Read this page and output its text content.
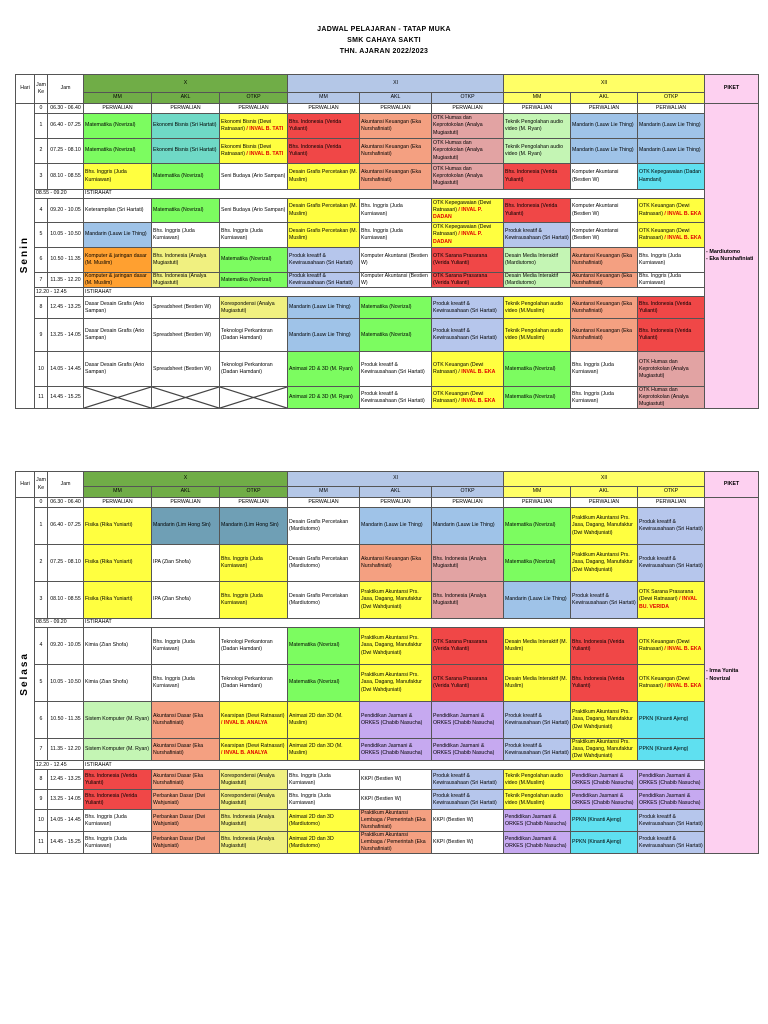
JADWAL PELAJARAN - TATAP MUKA
SMK CAHAYA SAKTI
THN. AJARAN 2022/2023
Hari	Jam Ke	Jam	X			XI			XII			PIKET
			MM	AKL	OTKP	MM	AKL	OTKP	MM	AKL	OTKP	
Senin	0	06.30 - 06.40	PERWALIAN	PERWALIAN	PERWALIAN	PERWALIAN	PERWALIAN	PERWALIAN	PERWALIAN	PERWALIAN	PERWALIAN	- Mardiutomo
- Eka Nurshafiniati

	1	06.40 - 07.25	Matematika (Novrizal)	Ekonomi Bisnis (Sri Hartati)	Ekonomi Bisnis (Dewi Ratnasari) / INVAL B. TATI	Bhs. Indonesia (Verida Yulianti)	Akuntansi Keuangan (Eka Nurshafiniati)	OTK Humas dan Keprotokolan (Analya Mugiastuti)	Teknik Pengolahan audio video (M. Ryan)	Mandarin (Lauw Lie Thing)	Mandarin (Lauw Lie Thing)	
	2	07.25 - 08.10	Matematika (Novrizal)	Ekonomi Bisnis (Sri Hartati)	Ekonomi Bisnis (Dewi Ratnasari) / INVAL B. TATI	Bhs. Indonesia (Verida Yulianti)	Akuntansi Keuangan (Eka Nurshafiniati)	OTK Humas dan Keprotokolan (Analya Mugiastuti)	Teknik Pengolahan audio video (M. Ryan)	Mandarin (Lauw Lie Thing)	Mandarin (Lauw Lie Thing)	
	3	08.10 - 08.55	Bhs. Inggris (Juda Kurniawan)	Matematika (Novrizal)	Seni Budaya (Ario Sampan)	Desain Grafis Percetakan (M. Muslim)	Akuntansi Keuangan (Eka Nurshafiniati)	OTK Humas dan Keprotokolan (Analya Mugiastuti)	Bhs. Indonesia (Verida Yulianti)	Komputer Akuntansi (Bestien W)	OTK Kepegawaian (Dadan Hamdani)	
	08.55 - 09.20		ISTIRAHAT									
	4	09.20 - 10.05	Keterampilan (Sri Hartati)	Matematika (Novrizal)	Seni Budaya (Ario Sampan)	Desain Grafis Percetakan (M. Muslim)	Bhs. Inggris (Juda Kurniawan)	OTK Kepegawaian (Dewi Ratnasari) / INVAL P. DADAN	Bhs. Indonesia (Verida Yulianti)	Komputer Akuntansi (Bestien W)	OTK Keuangan (Dewi Ratnasari) / INVAL B. EKA	
	5	10.05 - 10.50	Mandarin (Lauw Lie Thing)	Bhs. Inggris (Juda Kurniawan)	Bhs. Inggris (Juda Kurniawan)	Desain Grafis Percetakan (M. Muslim)	Bhs. Inggris (Juda Kurniawan)	OTK Kepegawaian (Dewi Ratnasari) / INVAL P. DADAN	Produk kreatif & Kewirausahaan (Sri Hartati)	Komputer Akuntansi (Bestien W)	OTK Keuangan (Dewi Ratnasari) / INVAL B. EKA	
	6	10.50 - 11.35	Komputer & jaringan dasar (M. Muslim)	Bhs. Indonesia (Analya Mugiastuti)	Matematika (Novrizal)	Produk kreatif & Kewirausahaan (Sri Hartati)	Komputer Akuntansi (Bestien W)	OTK Sarana Prasarana (Verida Yulianti)	Desain Media Interaktif (Mardiutomo)	Akuntansi Keuangan (Eka Nurshafiniati)	Bhs. Inggris (Juda Kurniawan)	
	7	11.35 - 12.20	Komputer & jaringan dasar (M. Muslim)	Bhs. Indonesia (Analya Mugiastuti)	Matematika (Novrizal)	Produk kreatif & Kewirausahaan (Sri Hartati)	Komputer Akuntansi (Bestien W)	OTK Sarana Prasarana (Verida Yulianti)	Desain Media Interaktif (Mardiutomo)	Akuntansi Keuangan (Eka Nurshafiniati)	Bhs. Inggris (Juda Kurniawan)	
	12.20 - 12.45		ISTIRAHAT									
	8	12.45 - 13.25	Dasar Desain Grafis (Ario Sampan)	Spreadsheet (Bestien W)	Korespondensi (Analya Mugiastuti)	Mandarin (Lauw Lie Thing)	Matematika (Novrizal)	Produk kreatif & Kewirausahaan (Sri Hartati)	Teknik Pengolahan audio video (M.Muslim)	Akuntansi Keuangan (Eka Nurshafiniati)	Bhs. Indonesia (Verida Yulianti)	
	9	13.25 - 14.05	Dasar Desain Grafis (Ario Sampan)	Spreadsheet (Bestien W)	Teknologi Perkantoran (Dadan Hamdani)	Mandarin (Lauw Lie Thing)	Matematika (Novrizal)	Produk kreatif & Kewirausahaan (Sri Hartati)	Teknik Pengolahan audio video (M.Muslim)	Akuntansi Keuangan (Eka Nurshafiniati)	Bhs. Indonesia (Verida Yulianti)	
	10	14.05 - 14.45	Dasar Desain Grafis (Ario Sampan)	Spreadsheet (Bestien W)	Teknologi Perkantoran (Dadan Hamdani)	Animasi 2D & 3D (M. Ryan)	Produk kreatif & Kewirausahaan (Sri Hartati)	OTK Keuangan (Dewi Ratnasari) / INVAL B. EKA	Matematika (Novrizal)	Bhs. Inggris (Juda Kurniawan)	OTK Humas dan Keprotokolan (Analya Mugiastuti)	
	11	14.45 - 15.25				Animasi 2D & 3D (M. Ryan)	Produk kreatif & Kewirausahaan (Sri Hartati)	OTK Keuangan (Dewi Ratnasari) / INVAL B. EKA	Matematika (Novrizal)	Bhs. Inggris (Juda Kurniawan)	OTK Humas dan Keprotokolan (Analya Mugiastuti)	
Hari	Jam Ke	Jam	X			XI			XII			PIKET
			MM	AKL	OTKP	MM	AKL	OTKP	MM	AKL	OTKP	
Selasa	0	06.30 - 06.40	PERWALIAN	PERWALIAN	PERWALIAN	PERWALIAN	PERWALIAN	PERWALIAN	PERWALIAN	PERWALIAN	PERWALIAN	- Irma Yunita
- Novrizal

	1	06.40 - 07.25	Fisika (Rika Yuniarti)	Mandarin (Lim Hong Sin)	Mandarin (Lim Hong Sin)	Desain Grafis Percetakan (Mardiutomo)	Mandarin (Lauw Lie Thing)	Mandarin (Lauw Lie Thing)	Matematika (Novrizal)	Praktikum Akuntansi Prs. Jasa, Dagang, Manufaktur (Dwi Wahdjuniati)	Produk kreatif & Kewirausahaan (Sri Hartati)	
	2	07.25 - 08.10	Fisika (Rika Yuniarti)	IPA (Zian Shofa)	Bhs. Inggris (Juda Kurniawan)	Desain Grafis Percetakan (Mardiutomo)	Akuntansi Keuangan (Eka Nurshafiniati)	Bhs. Indonesia (Analya Mugiastuti)	Matematika (Novrizal)	Praktikum Akuntansi Prs. Jasa, Dagang, Manufaktur (Dwi Wahdjuniati)	Produk kreatif & Kewirausahaan (Sri Hartati)	
	3	08.10 - 08.55	Fisika (Rika Yuniarti)	IPA (Zian Shofa)	Bhs. Inggris (Juda Kurniawan)	Desain Grafis Percetakan (Mardiutomo)	Praktikum Akuntansi Prs. Jasa, Dagang, Manufaktur (Dwi Wahdjuniati)	Bhs. Indonesia (Analya Mugiastuti)	Mandarin (Lauw Lie Thing)	Produk kreatif & Kewirausahaan (Sri Hartati)	OTK Sarana Prasarana (Dewi Ratnasari) / INVAL BU. VERIDA	
	08.55 - 09.20		ISTIRAHAT									
	4	09.20 - 10.05	Kimia (Zian Shofa)	Bhs. Inggris (Juda Kurniawan)	Teknologi Perkantoran (Dadan Hamdani)	Matematika (Novrizal)	Praktikum Akuntansi Prs. Jasa, Dagang, Manufaktur (Dwi Wahdjuniati)	OTK Sarana Prasarana (Verida Yulianti)	Desain Media Interaktif (M. Muslim)	Bhs. Indonesia (Verida Yulianti)	OTK Keuangan (Dewi Ratnasari) / INVAL B. EKA	
	5	10.05 - 10.50	Kimia (Zian Shofa)	Bhs. Inggris (Juda Kurniawan)	Teknologi Perkantoran (Dadan Hamdani)	Matematika (Novrizal)	Praktikum Akuntansi Prs. Jasa, Dagang, Manufaktur (Dwi Wahdjuniati)	OTK Sarana Prasarana (Verida Yulianti)	Desain Media Interaktif (M. Muslim)	Bhs. Indonesia (Verida Yulianti)	OTK Keuangan (Dewi Ratnasari) / INVAL B. EKA	
	6	10.50 - 11.35	Sistem Komputer (M. Ryan)	Akuntansi Dasar (Eka Nurshafiniati)	Kearsipan (Dewi Ratnasari) / INVAL B. ANALYA	Animasi 2D dan 3D (M. Muslim)	Pendidikan Jasmani & ORKES (Chabib Nasucha)	Pendidikan Jasmani & ORKES (Chabib Nasucha)	Produk kreatif & Kewirausahaan (Sri Hartati)	Praktikum Akuntansi Prs. Jasa, Dagang, Manufaktur (Dwi Wahdjuniati)	PPKN (Kinanti Ajeng)	
	7	11.35 - 12.20	Sistem Komputer (M. Ryan)	Akuntansi Dasar (Eka Nurshafiniati)	Kearsipan (Dewi Ratnasari) / INVAL B. ANALYA	Animasi 2D dan 3D (M. Muslim)	Pendidikan Jasmani & ORKES (Chabib Nasucha)	Pendidikan Jasmani & ORKES (Chabib Nasucha)	Produk kreatif & Kewirausahaan (Sri Hartati)	Praktikum Akuntansi Prs. Jasa, Dagang, Manufaktur (Dwi Wahdjuniati)	PPKN (Kinanti Ajeng)	
	12.20 - 12.45		ISTIRAHAT									
	8	12.45 - 13.25	Bhs. Indonesia (Verida Yulianti)	Akuntansi Dasar (Eka Nurshafiniati)	Korespondensi (Analya Mugiastuti)	Bhs. Inggris (Juda Kurniawan)	KKPI (Bestien W)	Produk kreatif & Kewirausahaan (Sri Hartati)	Teknik Pengolahan audio video (M.Muslim)	Pendidikan Jasmani & ORKES (Chabib Nasucha)	Pendidikan Jasmani & ORKES (Chabib Nasucha)	
	9	13.25 - 14.05	Bhs. Indonesia (Verida Yulianti)	Perbankan Dasar (Dwi Wahjuniati)	Korespondensi (Analya Mugiastuti)	Bhs. Inggris (Juda Kurniawan)	KKPI (Bestien W)	Produk kreatif & Kewirausahaan (Sri Hartati)	Teknik Pengolahan audio video (M.Muslim)	Pendidikan Jasmani & ORKES (Chabib Nasucha)	Pendidikan Jasmani & ORKES (Chabib Nasucha)	
	10	14.05 - 14.45	Bhs. Inggris (Juda Kurniawan)	Perbankan Dasar (Dwi Wahjuniati)	Bhs. Indonesia (Analya Mugiastuti)	Animasi 2D dan 3D (Mardiutomo)	Praktikum Akuntansi Lembaga / Pemerintah (Eka Nurshafiniati)	KKPI (Bestien W)	Pendidikan Jasmani & ORKES (Chabib Nasucha)	PPKN (Kinanti Ajeng)	Produk kreatif & Kewirausahaan (Sri Hartati)	
	11	14.45 - 15.25	Bhs. Inggris (Juda Kurniawan)	Perbankan Dasar (Dwi Wahjuniati)	Bhs. Indonesia (Analya Mugiastuti)	Animasi 2D dan 3D (Mardiutomo)	Praktikum Akuntansi Lembaga / Pemerintah (Eka Nurshafiniati)	KKPI (Bestien W)	Pendidikan Jasmani & ORKES (Chabib Nasucha)	PPKN (Kinanti Ajeng)	Produk kreatif & Kewirausahaan (Sri Hartati)	
